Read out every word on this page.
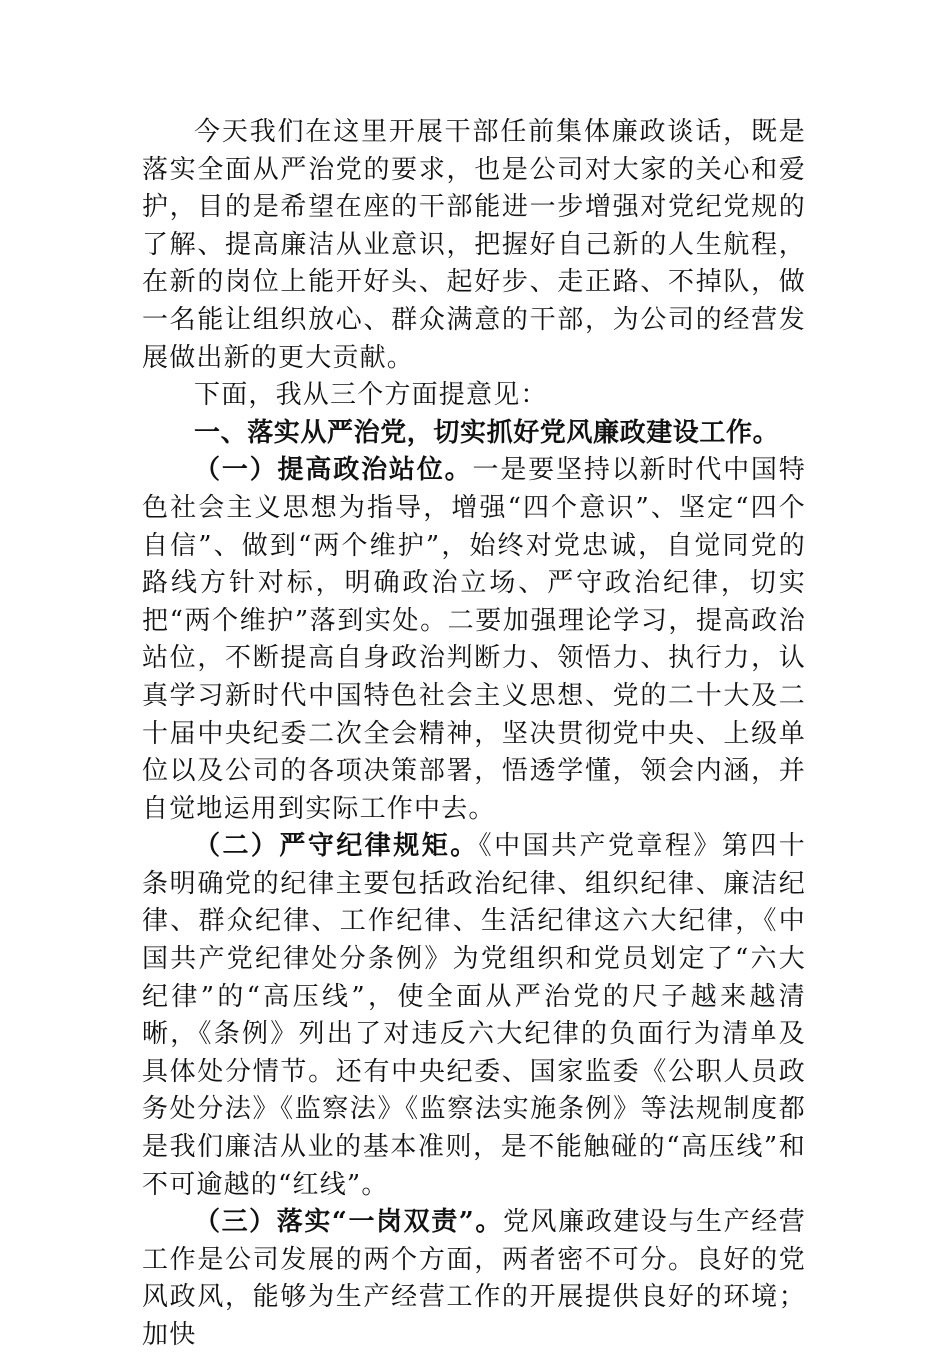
今天我们在这里开展干部任前集体廉政谈话，既是落实全面从严治党的要求，也是公司对大家的关心和爱护，目的是希望在座的干部能进一步增强对党纪党规的了解、提高廉洁从业意识，把握好自己新的人生航程，在新的岗位上能开好头、起好步、走正路、不掉队，做一名能让组织放心、群众满意的干部，为公司的经营发展做出新的更大贡献。

下面，我从三个方面提意见：

一、落实从严治党，切实抓好党风廉政建设工作。

（一）提高政治站位。一是要坚持以新时代中国特色社会主义思想为指导，增强“四个意识”、坚定“四个自信”、做到“两个维护”，始终对党忠诚，自觉同党的路线方针对标，明确政治立场、严守政治纪律，切实把“两个维护”落到实处。二要加强理论学习，提高政治站位，不断提高自身政治判断力、领悟力、执行力，认真学习新时代中国特色社会主义思想、党的二十大及二十届中央纪委二次全会精神，坚决贯彻党中央、上级单位以及公司的各项决策部署，悟透学懂，领会内涵，并自觉地运用到实际工作中去。

（二）严守纪律规矩。《中国共产党章程》第四十条明确党的纪律主要包括政治纪律、组织纪律、廉洁纪律、群众纪律、工作纪律、生活纪律这六大纪律，《中国共产党纪律处分条例》为党组织和党员划定了“六大纪律”的“高压线”，使全面从严治党的尺子越来越清晰，《条例》列出了对违反六大纪律的负面行为清单及具体处分情节。还有中央纪委、国家监委《公职人员政务处分法》《监察法》《监察法实施条例》等法规制度都是我们廉洁从业的基本准则，是不能触碰的“高压线”和不可逾越的“红线”。

（三）落实“一岗双责”。党风廉政建设与生产经营工作是公司发展的两个方面，两者密不可分。良好的党风政风，能够为生产经营工作的开展提供良好的环境；加快
